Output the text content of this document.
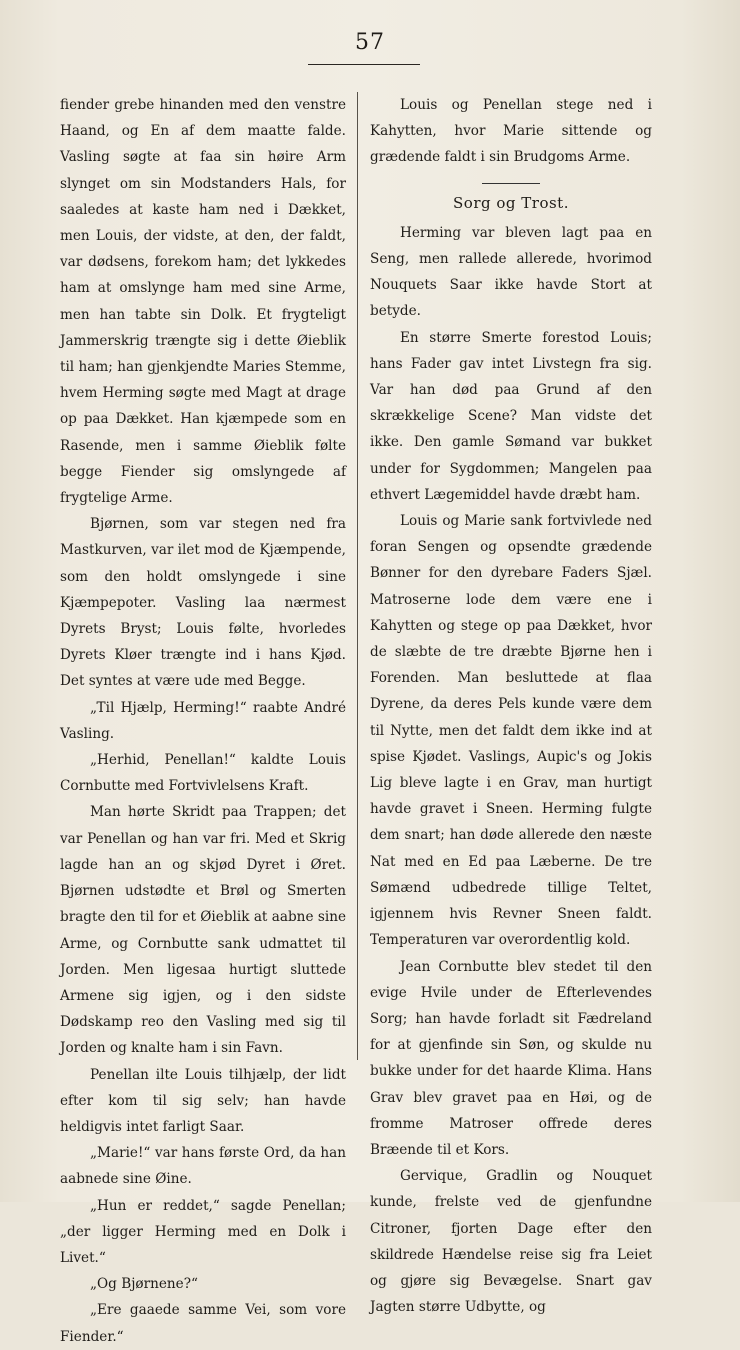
57

fiender grebe hinanden med den venstre Haand, og En af dem maatte falde. Vasling søgte at faa sin høire Arm slynget om sin Modstanders Hals, for saaledes at kaste ham ned i Dækket, men Louis, der vidste, at den, der faldt, var dødsens, forekom ham; det lykkedes ham at omslynge ham med sine Arme, men han tabte sin Dolk. Et frygteligt Jammerskrig trængte sig i dette Øieblik til ham; han gjenkjendte Maries Stemme, hvem Herming søgte med Magt at drage op paa Dækket. Han kjæmpede som en Rasende, men i samme Øieblik følte begge Fiender sig omslyngede af frygtelige Arme.

Bjørnen, som var stegen ned fra Mastkurven, var ilet mod de Kjæmpende, som den holdt omslyngede i sine Kjæmpepoter. Vasling laa nærmest Dyrets Bryst; Louis følte, hvorledes Dyrets Kløer trængte ind i hans Kjød. Det syntes at være ude med Begge.

„Til Hjælp, Herming!“ raabte André Vasling.

„Herhid, Penellan!“ kaldte Louis Cornbutte med Fortvivlelsens Kraft.

Man hørte Skridt paa Trappen; det var Penellan og han var fri. Med et Skrig lagde han an og skjød Dyret i Øret. Bjørnen udstødte et Brøl og Smerten bragte den til for et Øieblik at aabne sine Arme, og Cornbutte sank udmattet til Jorden. Men ligesaa hurtigt sluttede Armene sig igjen, og i den sidste Dødskamp reo den Vasling med sig til Jorden og knalte ham i sin Favn.

Penellan ilte Louis tilhjælp, der lidt efter kom til sig selv; han havde heldigvis intet farligt Saar.

„Marie!“ var hans første Ord, da han aabnede sine Øine.

„Hun er reddet,“ sagde Penellan; „der ligger Herming med en Dolk i Livet.“

„Og Bjørnene?“

„Ere gaaede samme Vei, som vore Fiender.“

Louis og Penellan stege ned i Kahytten, hvor Marie sittende og grædende faldt i sin Brudgoms Arme.

Sorg og Trost.

Herming var bleven lagt paa en Seng, men rallede allerede, hvorimod Nouquets Saar ikke havde Stort at betyde.

En større Smerte forestod Louis; hans Fader gav intet Livstegn fra sig. Var han død paa Grund af den skrækkelige Scene? Man vidste det ikke. Den gamle Sømand var bukket under for Sygdommen; Mangelen paa ethvert Lægemiddel havde dræbt ham.

Louis og Marie sank fortvivlede ned foran Sengen og opsendte grædende Bønner for den dyrebare Faders Sjæl. Matroserne lode dem være ene i Kahytten og stege op paa Dækket, hvor de slæbte de tre dræbte Bjørne hen i Forenden. Man besluttede at flaa Dyrene, da deres Pels kunde være dem til Nytte, men det faldt dem ikke ind at spise Kjødet. Vaslings, Aupic's og Jokis Lig bleve lagte i en Grav, man hurtigt havde gravet i Sneen. Herming fulgte dem snart; han døde allerede den næste Nat med en Ed paa Læberne. De tre Sømænd udbedrede tillige Teltet, igjennem hvis Revner Sneen faldt. Temperaturen var overordentlig kold.

Jean Cornbutte blev stedet til den evige Hvile under de Efterlevendes Sorg; han havde forladt sit Fædreland for at gjenfinde sin Søn, og skulde nu bukke under for det haarde Klima. Hans Grav blev gravet paa en Høi, og de fromme Matroser offrede deres Bræende til et Kors.

Gervique, Gradlin og Nouquet kunde, frelste ved de gjenfundne Citroner, fjorten Dage efter den skildrede Hændelse reise sig fra Leiet og gjøre sig Bevægelse. Snart gav Jagten større Udbytte, og
